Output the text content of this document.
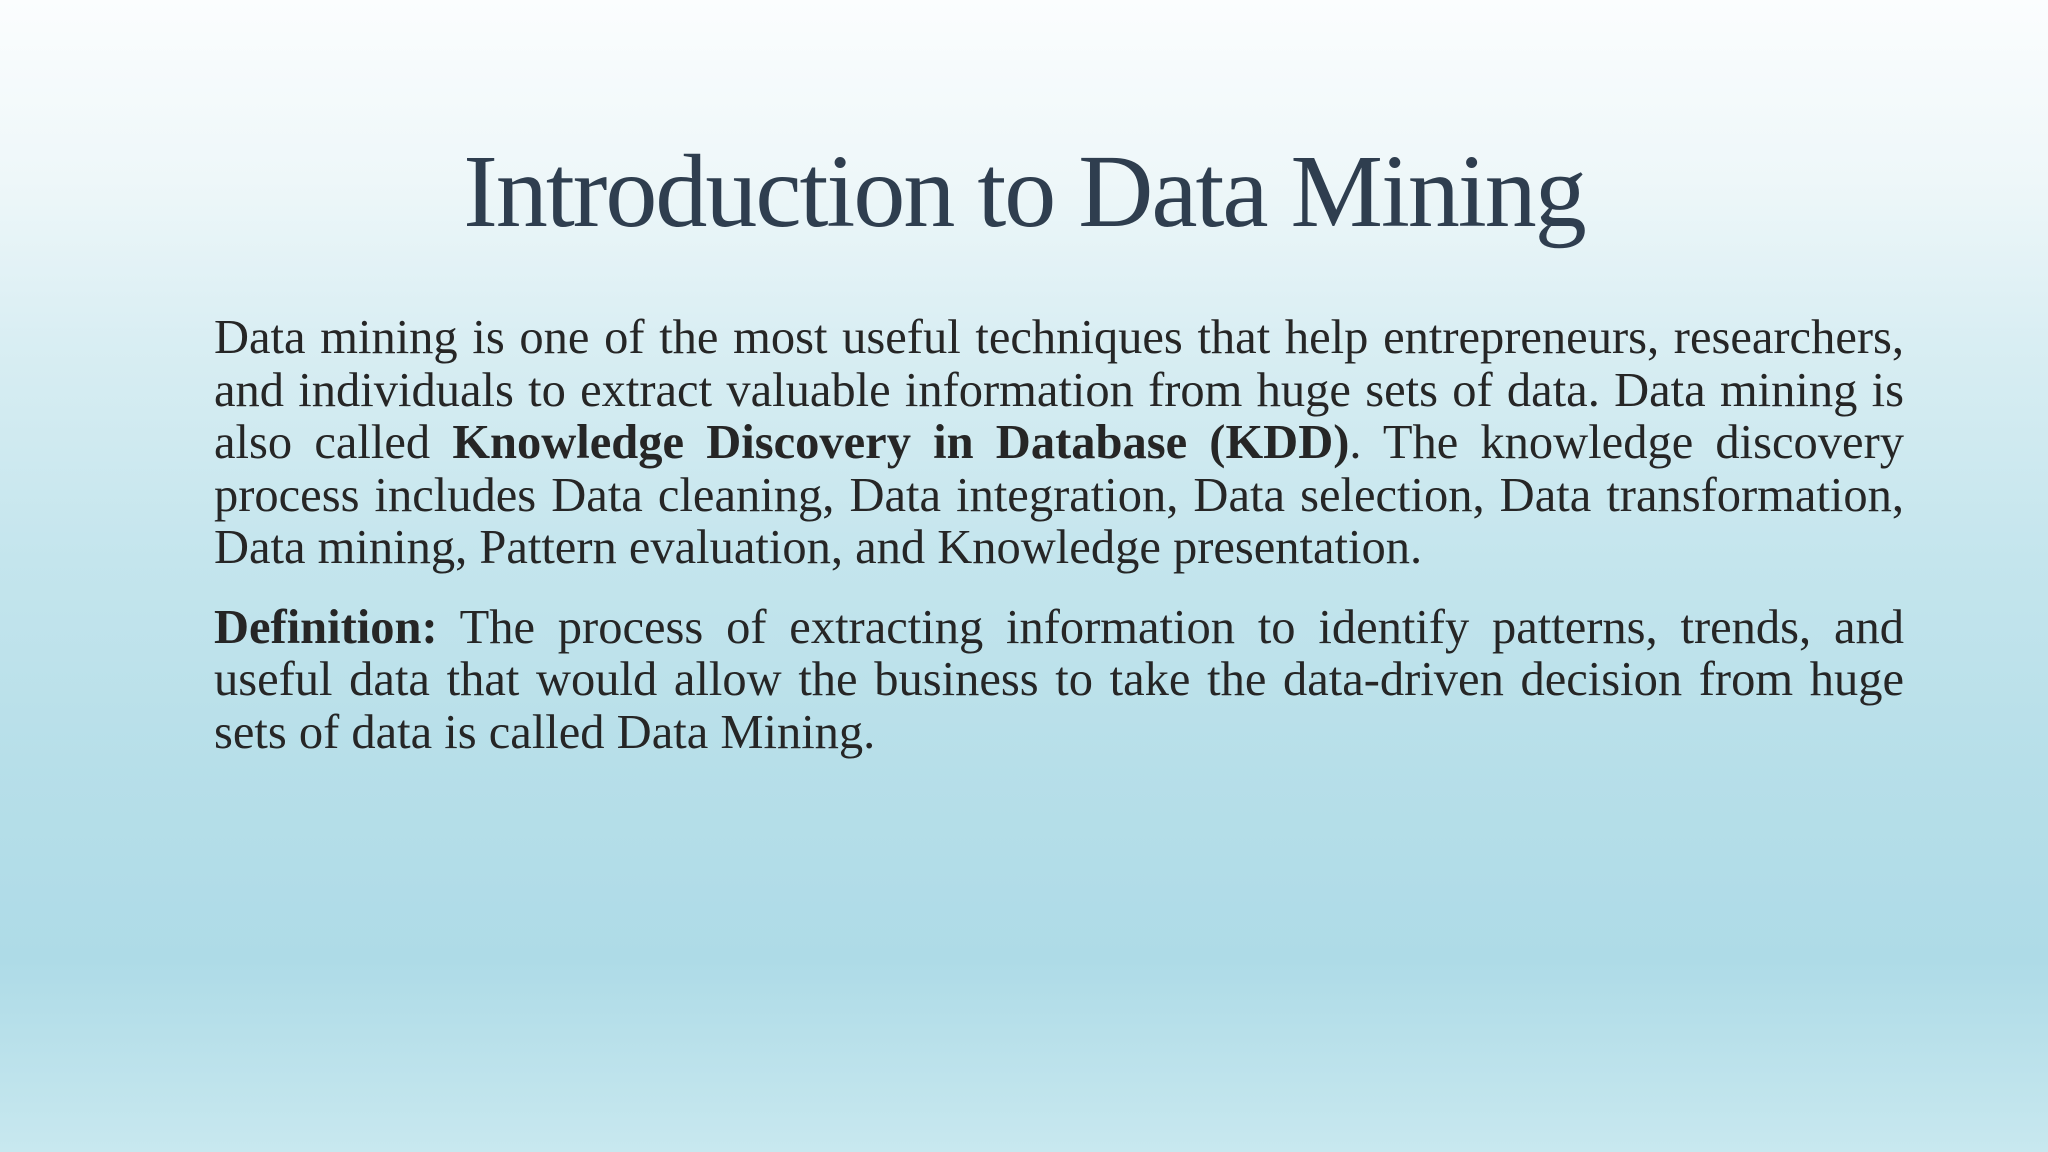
Introduction to Data Mining

Data mining is one of the most useful techniques that help entrepreneurs, researchers, and individuals to extract valuable information from huge sets of data. Data mining is also called Knowledge Discovery in Database (KDD). The knowledge discovery process includes Data cleaning, Data integration, Data selection, Data transformation, Data mining, Pattern evaluation, and Knowledge presentation.

Definition: The process of extracting information to identify patterns, trends, and useful data that would allow the business to take the data-driven decision from huge sets of data is called Data Mining.
